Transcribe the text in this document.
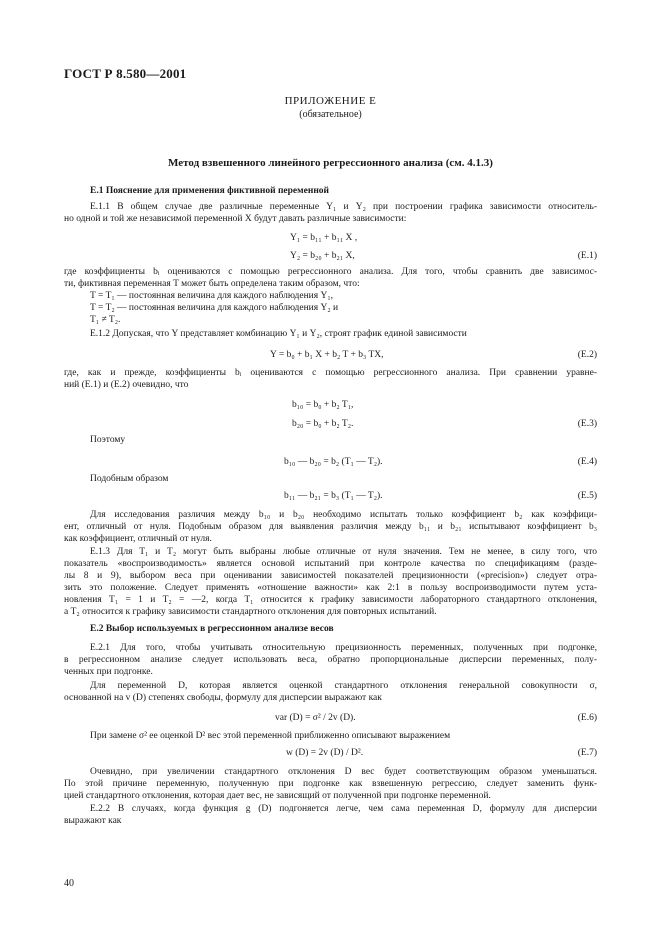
ГОСТ Р 8.580—2001
ПРИЛОЖЕНИЕ Е
(обязательное)
Метод взвешенного линейного регрессионного анализа (см. 4.1.3)
Е.1 Пояснение для применения фиктивной переменной
Е.1.1 В общем случае две различные переменные Y₁ и Y₂ при построении графика зависимости относитель-
но одной и той же независимой переменной X будут давать различные зависимости:
Y₁ = b₁₁ + b₁₁ X ,
Y₂ = b₂₀ + b₂₁ X,	(Е.1)
где коэффициенты bᵢ оцениваются с помощью регрессионного анализа. Для того, чтобы сравнить две зависимос-
ти, фиктивная переменная T может быть определена таким образом, что:
T = T₁ — постоянная величина для каждого наблюдения Y₁,
T = T₂ — постоянная величина для каждого наблюдения Y₂ и
T₁ ≠ T₂.
Е.1.2 Допуская, что Y представляет комбинацию Y₁ и Y₂, строят график единой зависимости
Y = b₀ + b₁ X + b₂ T + b₃ TX,	(Е.2)
где, как и прежде, коэффициенты bᵢ оцениваются с помощью регрессионного анализа. При сравнении уравне-
ний (Е.1) и (Е.2) очевидно, что
b₁₀ = b₀ + b₂ T₁,
b₂₀ = b₀ + b₂ T₂.	(Е.3)
Поэтому
b₁₀ — b₂₀ = b₂ (T₁ — T₂).	(Е.4)
Подобным образом
b₁₁ — b₂₁ = b₃ (T₁ — T₂).	(Е.5)
Для исследования различия между b₁₀ и b₂₀ необходимо испытать только коэффициент b₂ как коэффици-
ент, отличный от нуля. Подобным образом для выявления различия между b₁₁ и b₂₁ испытывают коэффициент b₃
как коэффициент, отличный от нуля.
Е.1.3 Для T₁ и T₂ могут быть выбраны любые отличные от нуля значения. Тем не менее, в силу того, что
показатель «воспроизводимость» является основой испытаний при контроле качества по спецификациям (разде-
лы 8 и 9), выбором веса при оценивании зависимостей показателей прецизионности («precision») следует отра-
зить это положение. Следует применять «отношение важности» как 2:1 в пользу воспроизводимости путем уста-
новления T₁ = 1 и T₂ = —2, когда T₁ относится к графику зависимости лабораторного стандартного отклонения,
а T₂ относится к графику зависимости стандартного отклонения для повторных испытаний.
Е.2 Выбор используемых в регрессионном анализе весов
Е.2.1 Для того, чтобы учитывать относительную прецизионность переменных, полученных при подгонке,
в регрессионном анализе следует использовать веса, обратно пропорциональные дисперсии переменных, полу-
ченных при подгонке.
Для переменной D, которая является оценкой стандартного отклонения генеральной совокупности σ,
основанной на v (D) степенях свободы, формулу для дисперсии выражают как
var (D) = σ² / 2v (D).	(Е.6)
При замене σ² ее оценкой D² вес этой переменной приближенно описывают выражением
w (D) = 2v (D) / D².	(Е.7)
Очевидно, при увеличении стандартного отклонения D вес будет соответствующим образом уменьшаться.
По этой причине переменную, полученную при подгонке как взвешенную регрессию, следует заменить функ-
цией стандартного отклонения, которая дает вес, не зависящий от полученной при подгонке переменной.
Е.2.2 В случаях, когда функция g (D) подгоняется легче, чем сама переменная D, формулу для дисперсии
выражают как
40
